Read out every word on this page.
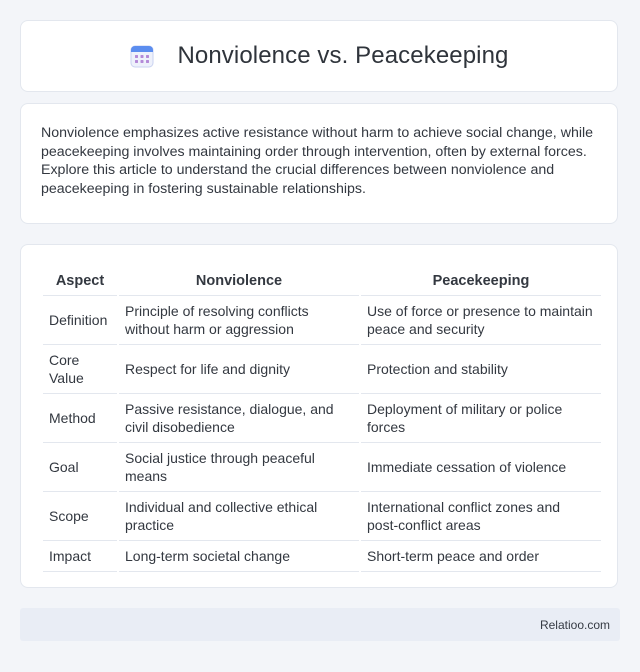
Nonviolence vs. Peacekeeping

Nonviolence emphasizes active resistance without harm to achieve social change, while peacekeeping involves maintaining order through intervention, often by external forces. Explore this article to understand the crucial differences between nonviolence and peacekeeping in fostering sustainable relationships.

Aspect	Nonviolence	Peacekeeping
Definition	Principle of resolving conflicts without harm or aggression	Use of force or presence to maintain peace and security
Core Value	Respect for life and dignity	Protection and stability
Method	Passive resistance, dialogue, and civil disobedience	Deployment of military or police forces
Goal	Social justice through peaceful means	Immediate cessation of violence
Scope	Individual and collective ethical practice	International conflict zones and post-conflict areas
Impact	Long-term societal change	Short-term peace and order
Relatioo.com
